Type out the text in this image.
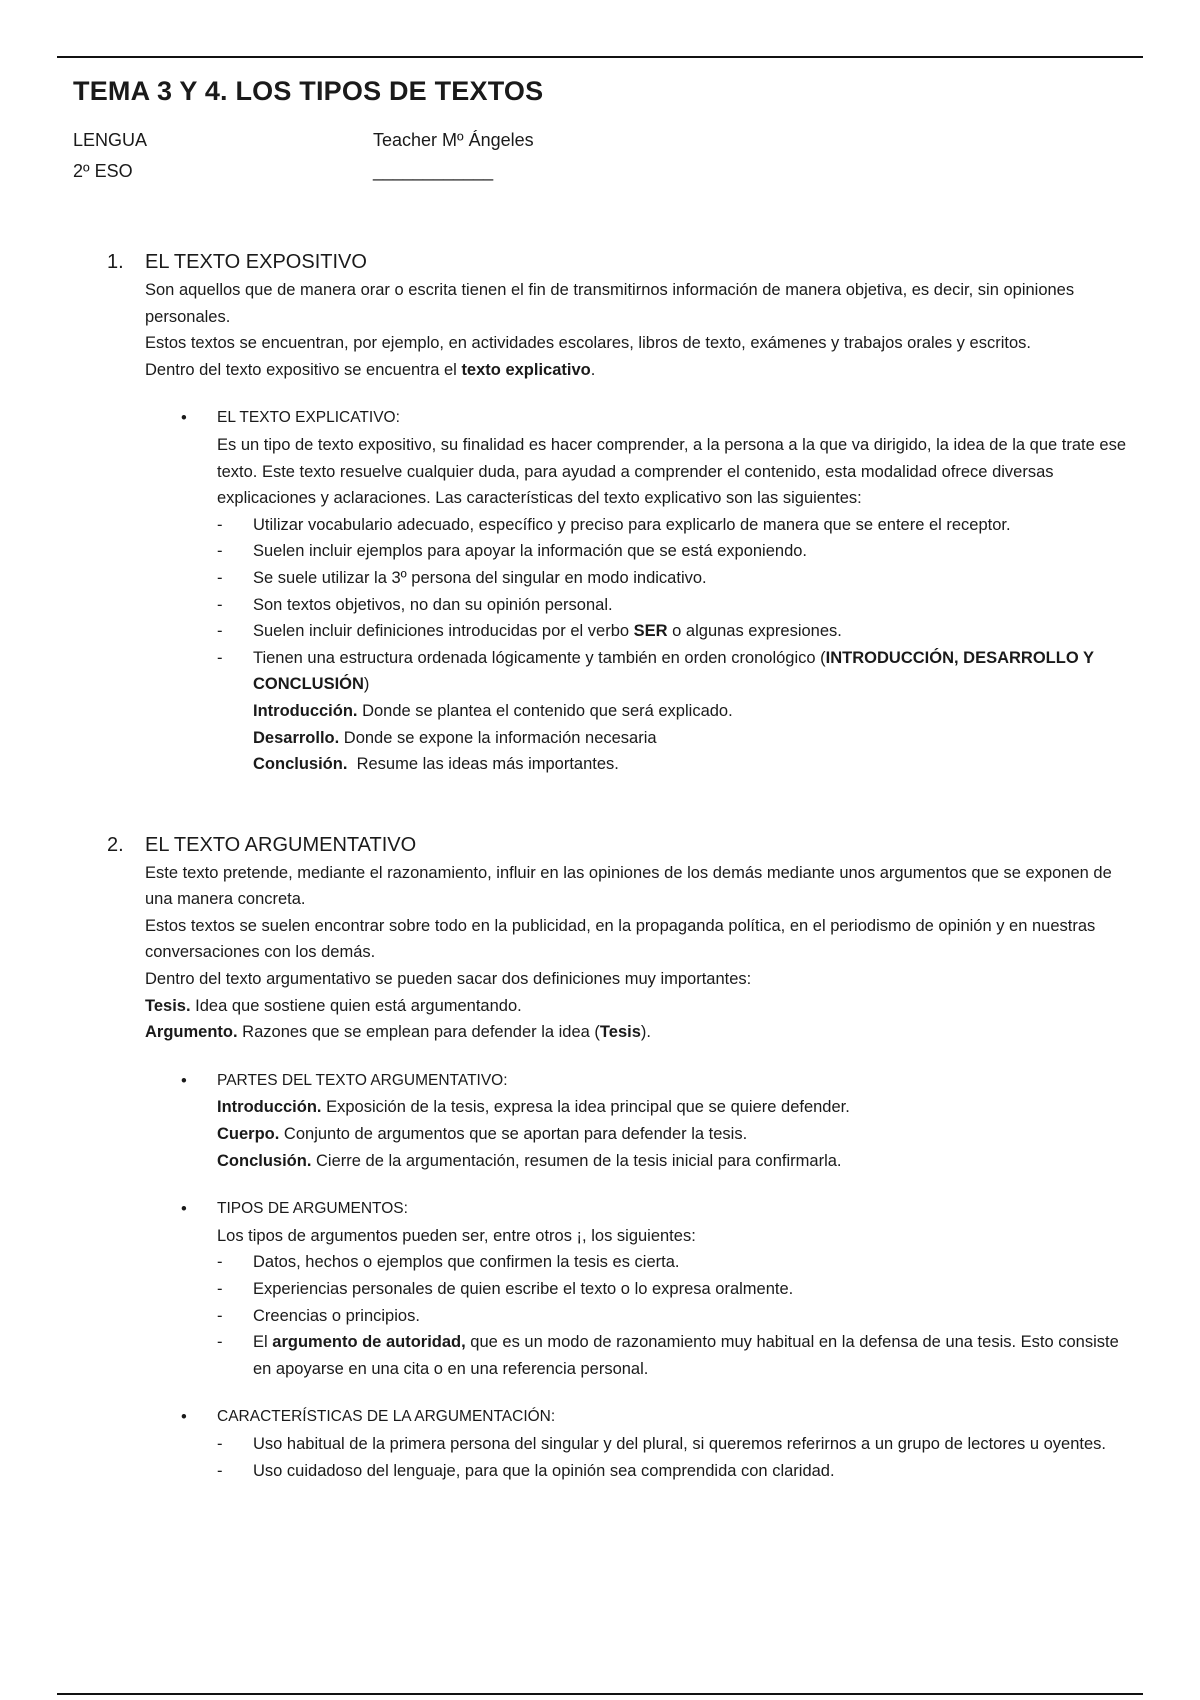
TEMA 3 Y 4. LOS TIPOS DE TEXTOS
LENGUA
2º ESO
Teacher Mº Ángeles
____________
1. EL TEXTO EXPOSITIVO

Son aquellos que de manera orar o escrita tienen el fin de transmitirnos información de manera objetiva, es decir, sin opiniones personales.

Estos textos se encuentran, por ejemplo, en actividades escolares, libros de texto, exámenes y trabajos orales y escritos.

Dentro del texto expositivo se encuentra el texto explicativo.

• EL TEXTO EXPLICATIVO:

Es un tipo de texto expositivo, su finalidad es hacer comprender, a la persona a la que va dirigido, la idea de la que trate ese texto. Este texto resuelve cualquier duda, para ayudad a comprender el contenido, esta modalidad ofrece diversas explicaciones y aclaraciones. Las características del texto explicativo son las siguientes:

- Utilizar vocabulario adecuado, específico y preciso para explicarlo de manera que se entere el receptor.
- Suelen incluir ejemplos para apoyar la información que se está exponiendo.
- Se suele utilizar la 3º persona del singular en modo indicativo.
- Son textos objetivos, no dan su opinión personal.
- Suelen incluir definiciones introducidas por el verbo SER o algunas expresiones.
- Tienen una estructura ordenada lógicamente y también en orden cronológico (INTRODUCCIÓN, DESARROLLO Y CONCLUSIÓN)
Introducción. Donde se plantea el contenido que será explicado.
Desarrollo. Donde se expone la información necesaria
Conclusión.  Resume las ideas más importantes.
2. EL TEXTO ARGUMENTATIVO

Este texto pretende, mediante el razonamiento, influir en las opiniones de los demás mediante unos argumentos que se exponen de una manera concreta.

Estos textos se suelen encontrar sobre todo en la publicidad, en la propaganda política, en el periodismo de opinión y en nuestras conversaciones con los demás.

Dentro del texto argumentativo se pueden sacar dos definiciones muy importantes:

Tesis. Idea que sostiene quien está argumentando.

Argumento. Razones que se emplean para defender la idea (Tesis).

• PARTES DEL TEXTO ARGUMENTATIVO:
Introducción. Exposición de la tesis, expresa la idea principal que se quiere defender.
Cuerpo. Conjunto de argumentos que se aportan para defender la tesis.
Conclusión. Cierre de la argumentación, resumen de la tesis inicial para confirmarla.
• TIPOS DE ARGUMENTOS:

Los tipos de argumentos pueden ser, entre otros ¡, los siguientes:

- Datos, hechos o ejemplos que confirmen la tesis es cierta.
- Experiencias personales de quien escribe el texto o lo expresa oralmente.
- Creencias o principios.
- El argumento de autoridad, que es un modo de razonamiento muy habitual en la defensa de una tesis. Esto consiste en apoyarse en una cita o en una referencia personal.
• CARACTERÍSTICAS DE LA ARGUMENTACIÓN:
- Uso habitual de la primera persona del singular y del plural, si queremos referirnos a un grupo de lectores u oyentes.
- Uso cuidadoso del lenguaje, para que la opinión sea comprendida con claridad.
